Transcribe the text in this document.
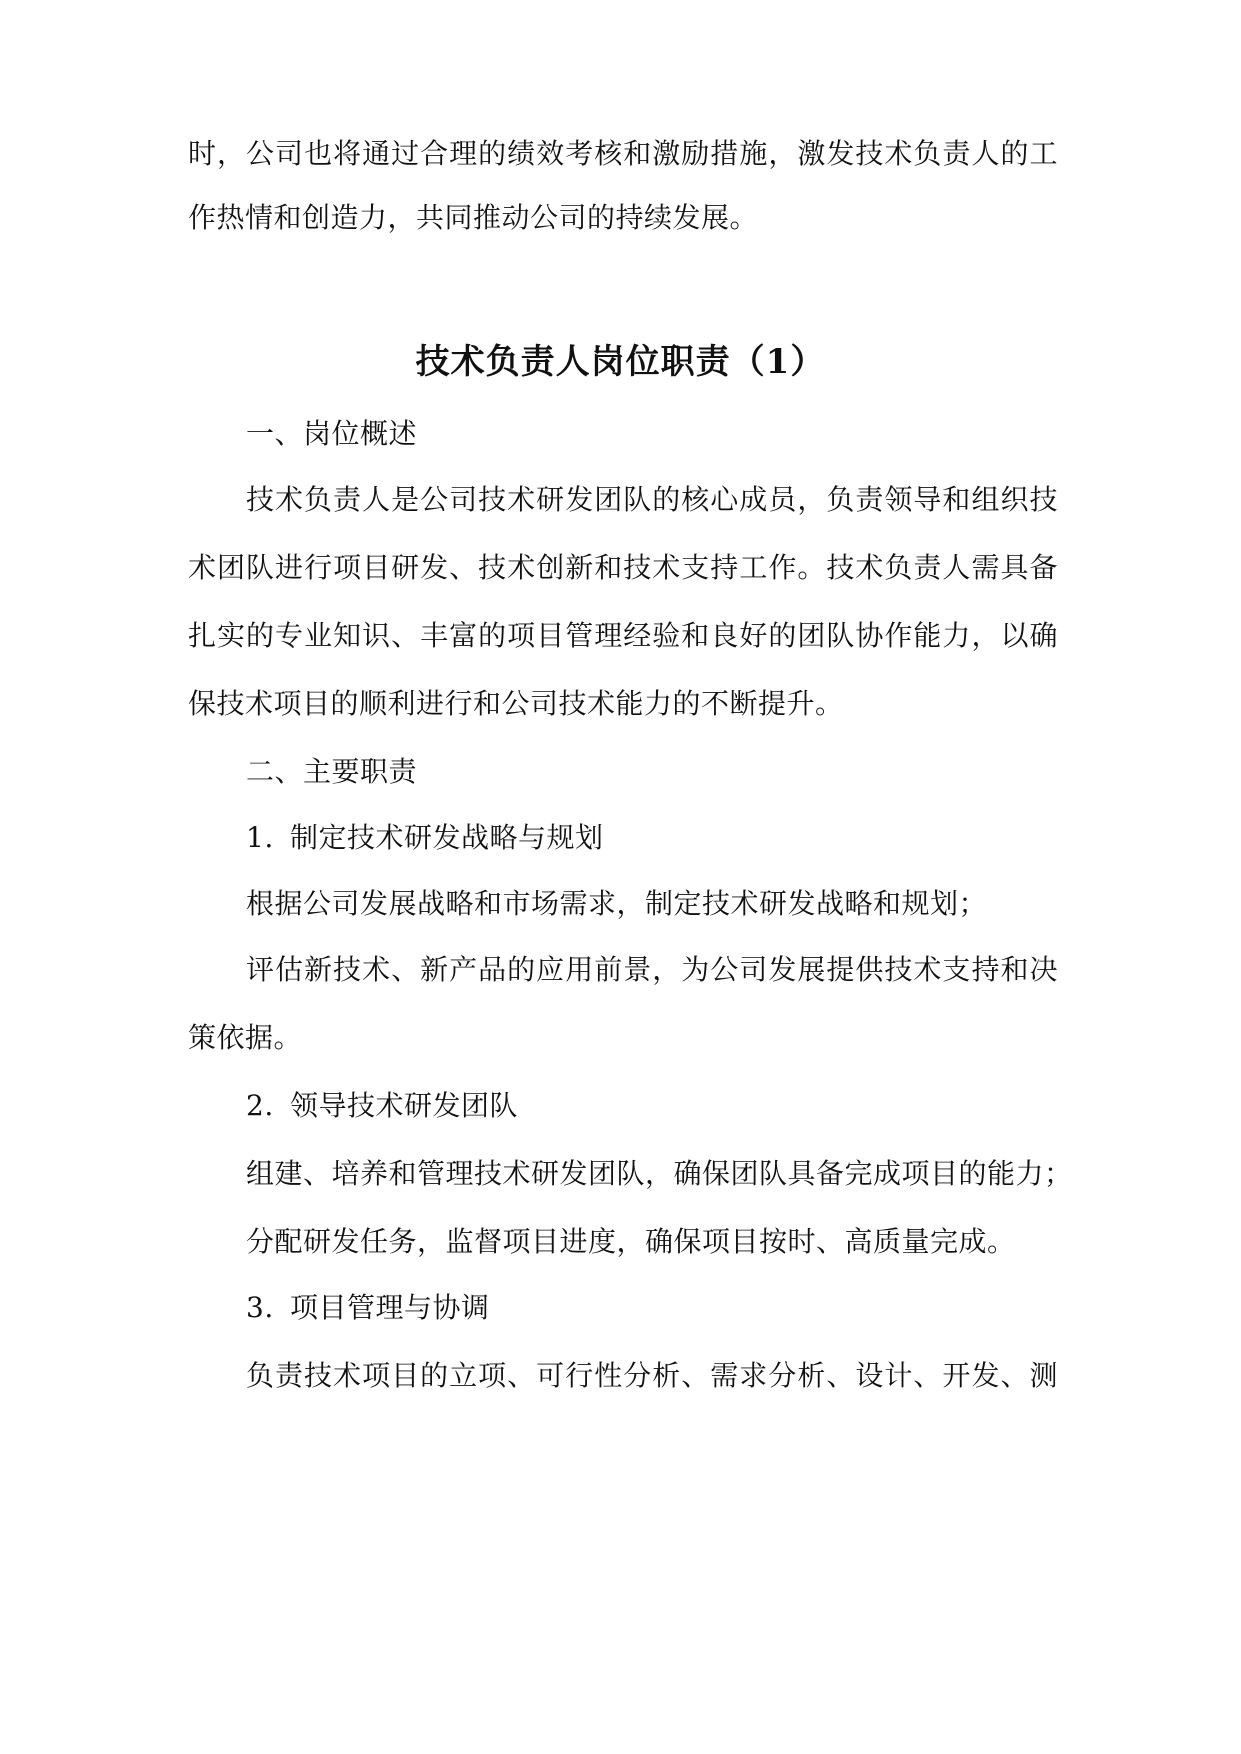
时，公司也将通过合理的绩效考核和激励措施，激发技术负责人的工

作热情和创造力，共同推动公司的持续发展。

技术负责人岗位职责（1）

一、岗位概述

技术负责人是公司技术研发团队的核心成员，负责领导和组织技

术团队进行项目研发、技术创新和技术支持工作。技术负责人需具备

扎实的专业知识、丰富的项目管理经验和良好的团队协作能力，以确

保技术项目的顺利进行和公司技术能力的不断提升。

二、主要职责

1. 制定技术研发战略与规划

根据公司发展战略和市场需求，制定技术研发战略和规划；

评估新技术、新产品的应用前景，为公司发展提供技术支持和决

策依据。

2. 领导技术研发团队

组建、培养和管理技术研发团队，确保团队具备完成项目的能力；

分配研发任务，监督项目进度，确保项目按时、高质量完成。

3. 项目管理与协调

负责技术项目的立项、可行性分析、需求分析、设计、开发、测
